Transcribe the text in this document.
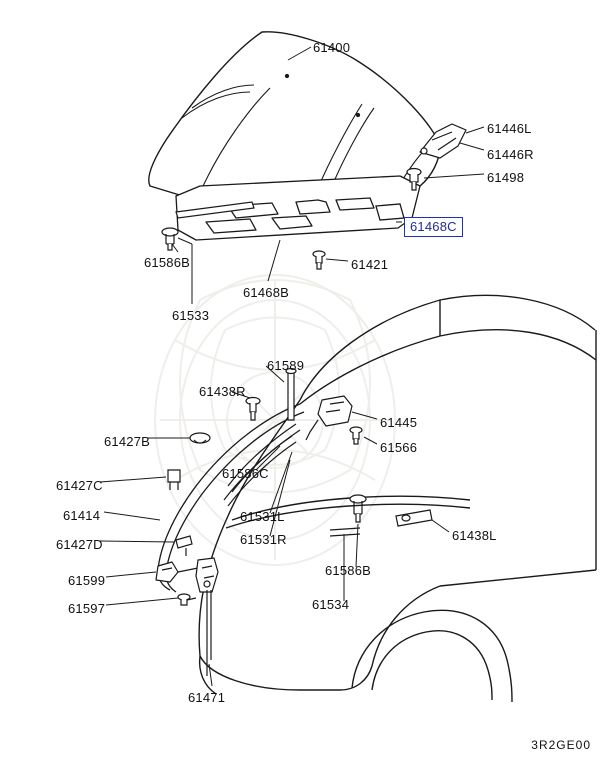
61400
61446L
61446R
61498
61468C
61586B	61421
61468B
61533
61589
61438R
61445
61427B	61566
61586C
61427C
61414	61531L
61438L
61531R
61427D
61586B
61599
61534
61597
61471
3R2GE00
